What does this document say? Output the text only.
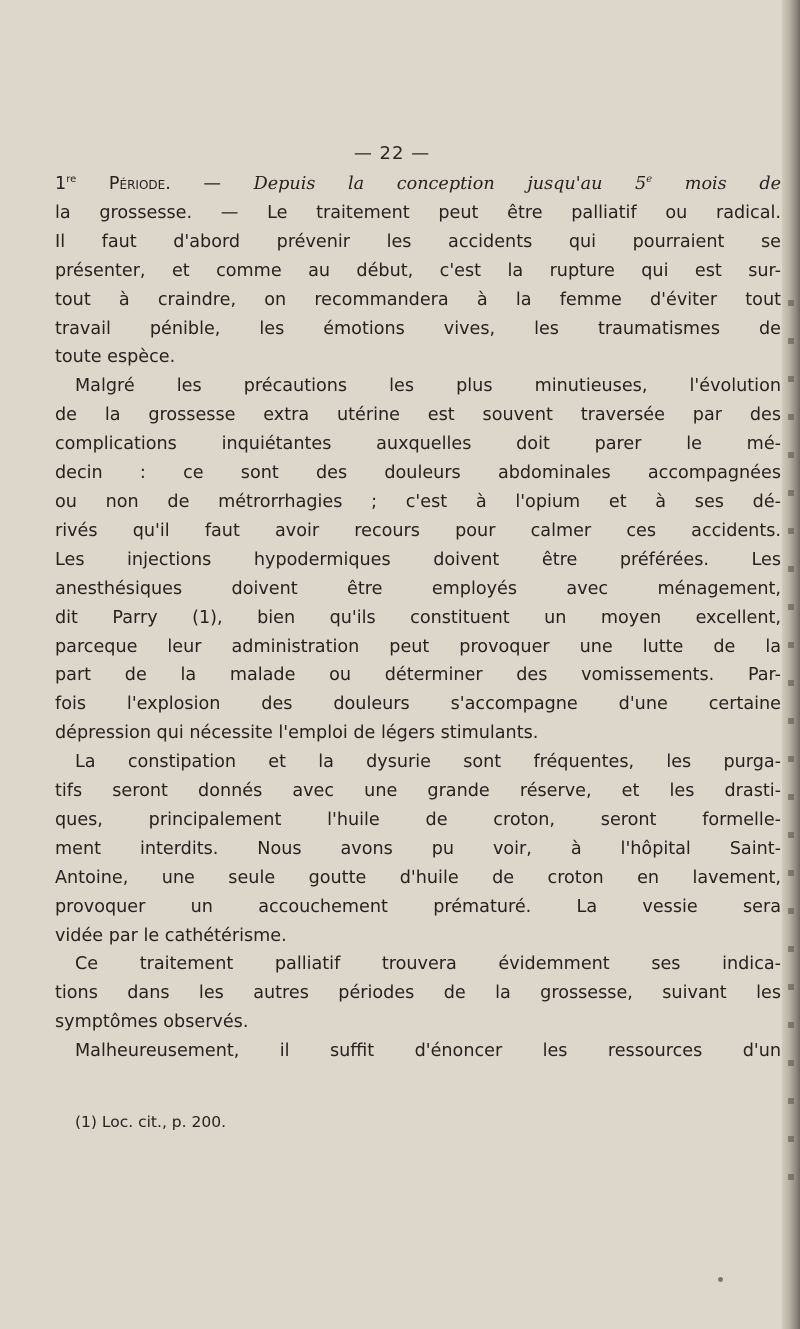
— 22 —
1re Période. — Depuis la conception jusqu'au 5e mois de
la grossesse. — Le traitement peut être palliatif ou radical.
Il faut d'abord prévenir les accidents qui pourraient se
présenter, et comme au début, c'est la rupture qui est sur-
tout à craindre, on recommandera à la femme d'éviter tout
travail pénible, les émotions vives, les traumatismes de
toute espèce.
Malgré les précautions les plus minutieuses, l'évolution
de la grossesse extra utérine est souvent traversée par des
complications inquiétantes auxquelles doit parer le mé-
decin : ce sont des douleurs abdominales accompagnées
ou non de métrorrhagies ; c'est à l'opium et à ses dé-
rivés qu'il faut avoir recours pour calmer ces accidents.
Les injections hypodermiques doivent être préférées. Les
anesthésiques doivent être employés avec ménagement,
dit Parry (1), bien qu'ils constituent un moyen excellent,
parceque leur administration peut provoquer une lutte de la
part de la malade ou déterminer des vomissements. Par-
fois l'explosion des douleurs s'accompagne d'une certaine
dépression qui nécessite l'emploi de légers stimulants.
La constipation et la dysurie sont fréquentes, les purga-
tifs seront donnés avec une grande réserve, et les drasti-
ques, principalement l'huile de croton, seront formelle-
ment interdits. Nous avons pu voir, à l'hôpital Saint-
Antoine, une seule goutte d'huile de croton en lavement,
provoquer un accouchement prématuré. La vessie sera
vidée par le cathétérisme.
Ce traitement palliatif trouvera évidemment ses indica-
tions dans les autres périodes de la grossesse, suivant les
symptômes observés.
Malheureusement, il suffit d'énoncer les ressources d'un
(1) Loc. cit., p. 200.
